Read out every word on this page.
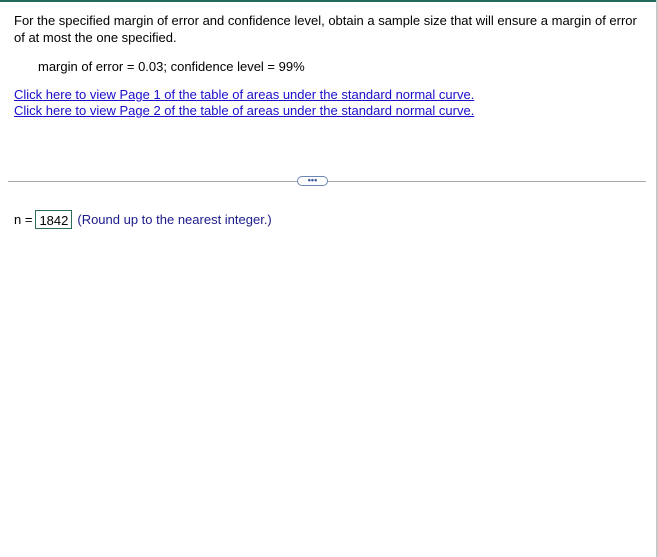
For the specified margin of error and confidence level, obtain a sample size that will ensure a margin of error of at most the one specified.
margin of error = 0.03; confidence level = 99%
Click here to view Page 1 of the table of areas under the standard normal curve.
Click here to view Page 2 of the table of areas under the standard normal curve.
•••
n = 1842 (Round up to the nearest integer.)
